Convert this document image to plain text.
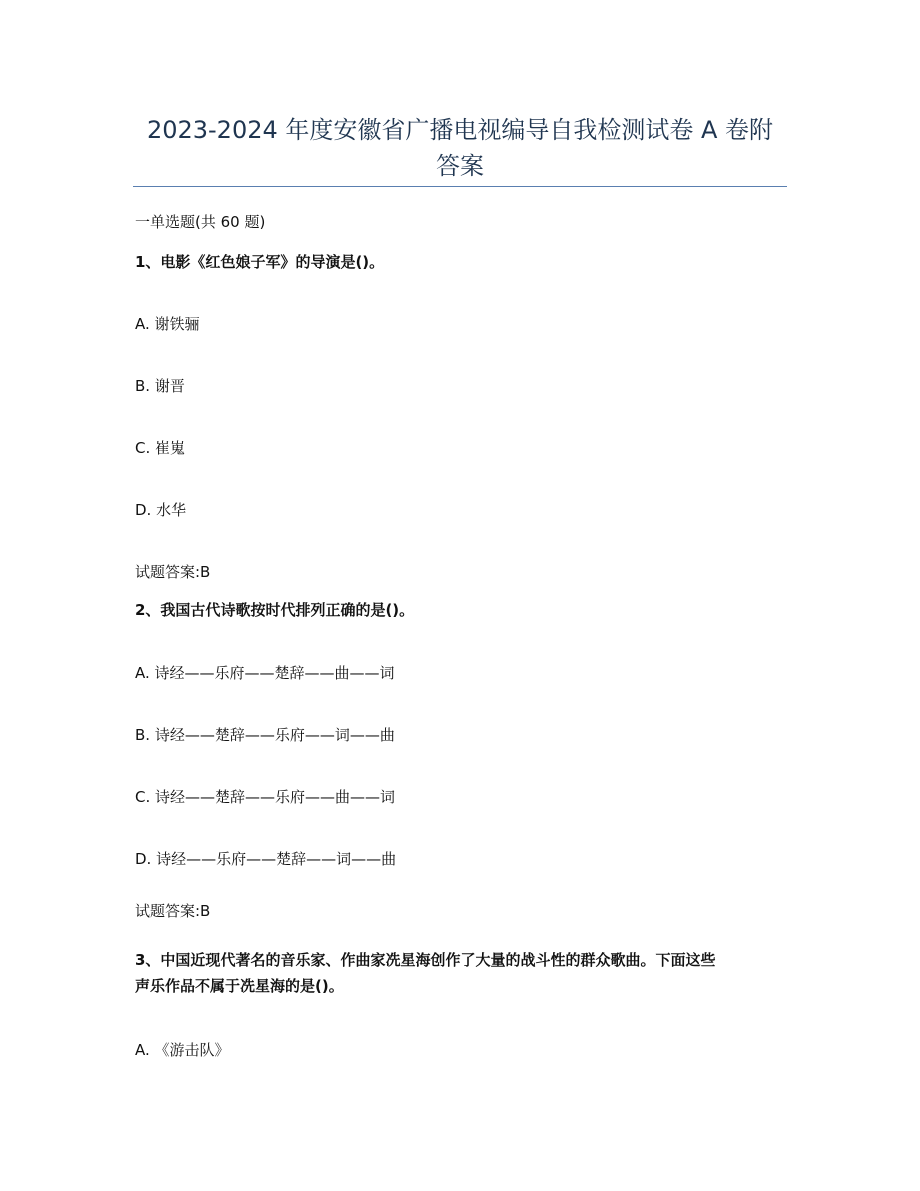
2023-2024 年度安徽省广播电视编导自我检测试卷 A 卷附
答案
一单选题(共 60 题)
1、电影《红色娘子军》的导演是()。
A. 谢铁骊
B. 谢晋
C. 崔嵬
D. 水华
试题答案:B
2、我国古代诗歌按时代排列正确的是()。
A. 诗经——乐府——楚辞——曲——词
B. 诗经——楚辞——乐府——词——曲
C. 诗经——楚辞——乐府——曲——词
D. 诗经——乐府——楚辞——词——曲
试题答案:B
3、中国近现代著名的音乐家、作曲家冼星海创作了大量的战斗性的群众歌曲。下面这些
声乐作品不属于冼星海的是()。
A. 《游击队》
